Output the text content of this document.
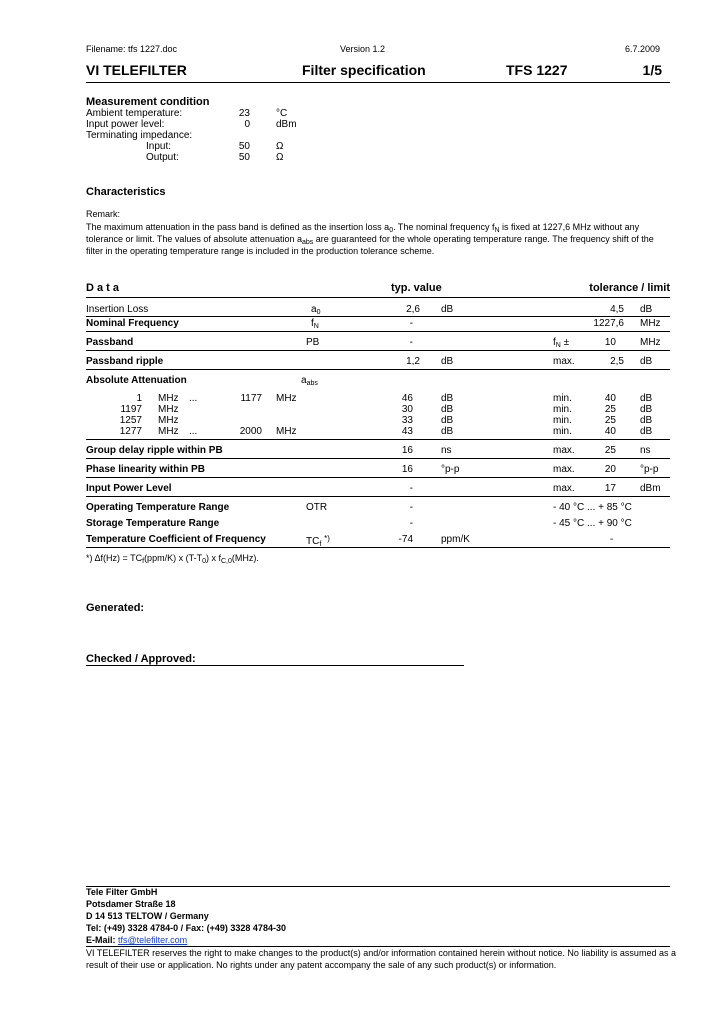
Filename: tfs 1227.doc	Version 1.2	6.7.2009
VI TELEFILTER	Filter specification	TFS 1227	1/5
Measurement condition
Ambient temperature:	23	°C
Input power level:	0	dBm
Terminating impedance:
Input:	50	Ω
Output:	50	Ω
Characteristics
Remark:
The maximum attenuation in the pass band is defined as the insertion loss $a_0$. The nominal frequency $f_N$ is fixed at 1227,6 MHz without any tolerance or limit. The values of absolute attenuation $a_{abs}$ are guaranteed for the whole operating temperature range. The frequency shift of the filter in the operating temperature range is included in the production tolerance scheme.
D a t a	typ. value	tolerance / limit
Insertion Loss	$a_0$	2,6 dB	4,5 dB
Nominal Frequency	$f_N$	-	1227,6 MHz
Passband	PB	-	$f_N$ ±	10 MHz
Passband ripple	1,2 dB	max.	2,5 dB
Absolute Attenuation	$a_{abs}$
1 MHz ...	1177 MHz	46	dB	min.	40 dB
1197 MHz	30	dB	min.	25 dB
1257 MHz	33	dB	min.	25 dB
1277 MHz ...	2000 MHz	43	dB	min.	40 dB
Group delay ripple within PB	16	ns	max.	25 ns
Phase linearity within PB	16	°p-p	max.	20 °p-p
Input Power Level	-	max.	17 dBm
Operating Temperature Range	OTR	-	- 40 °C ... + 85 °C
Storage Temperature Range	-	- 45 °C ... + 90 °C
Temperature Coefficient of Frequency	$TC_f$ *)	-74	ppm/K	-
*) $\Delta f(Hz) = TC_f(ppm/K)$ x $(T-T_0)$ x $f_{C,0}(MHz)$.
Generated:
Checked / Approved:
Tele Filter GmbH
Potsdamer Straße 18
D 14 513 TELTOW / Germany
Tel: (+49) 3328 4784-0 / Fax: (+49) 3328 4784-30
E-Mail: tfs@telefilter.com
VI TELEFILTER reserves the right to make changes to the product(s) and/or information contained herein without notice. No liability is assumed as a result of their use or application. No rights under any patent accompany the sale of any such product(s) or information.
